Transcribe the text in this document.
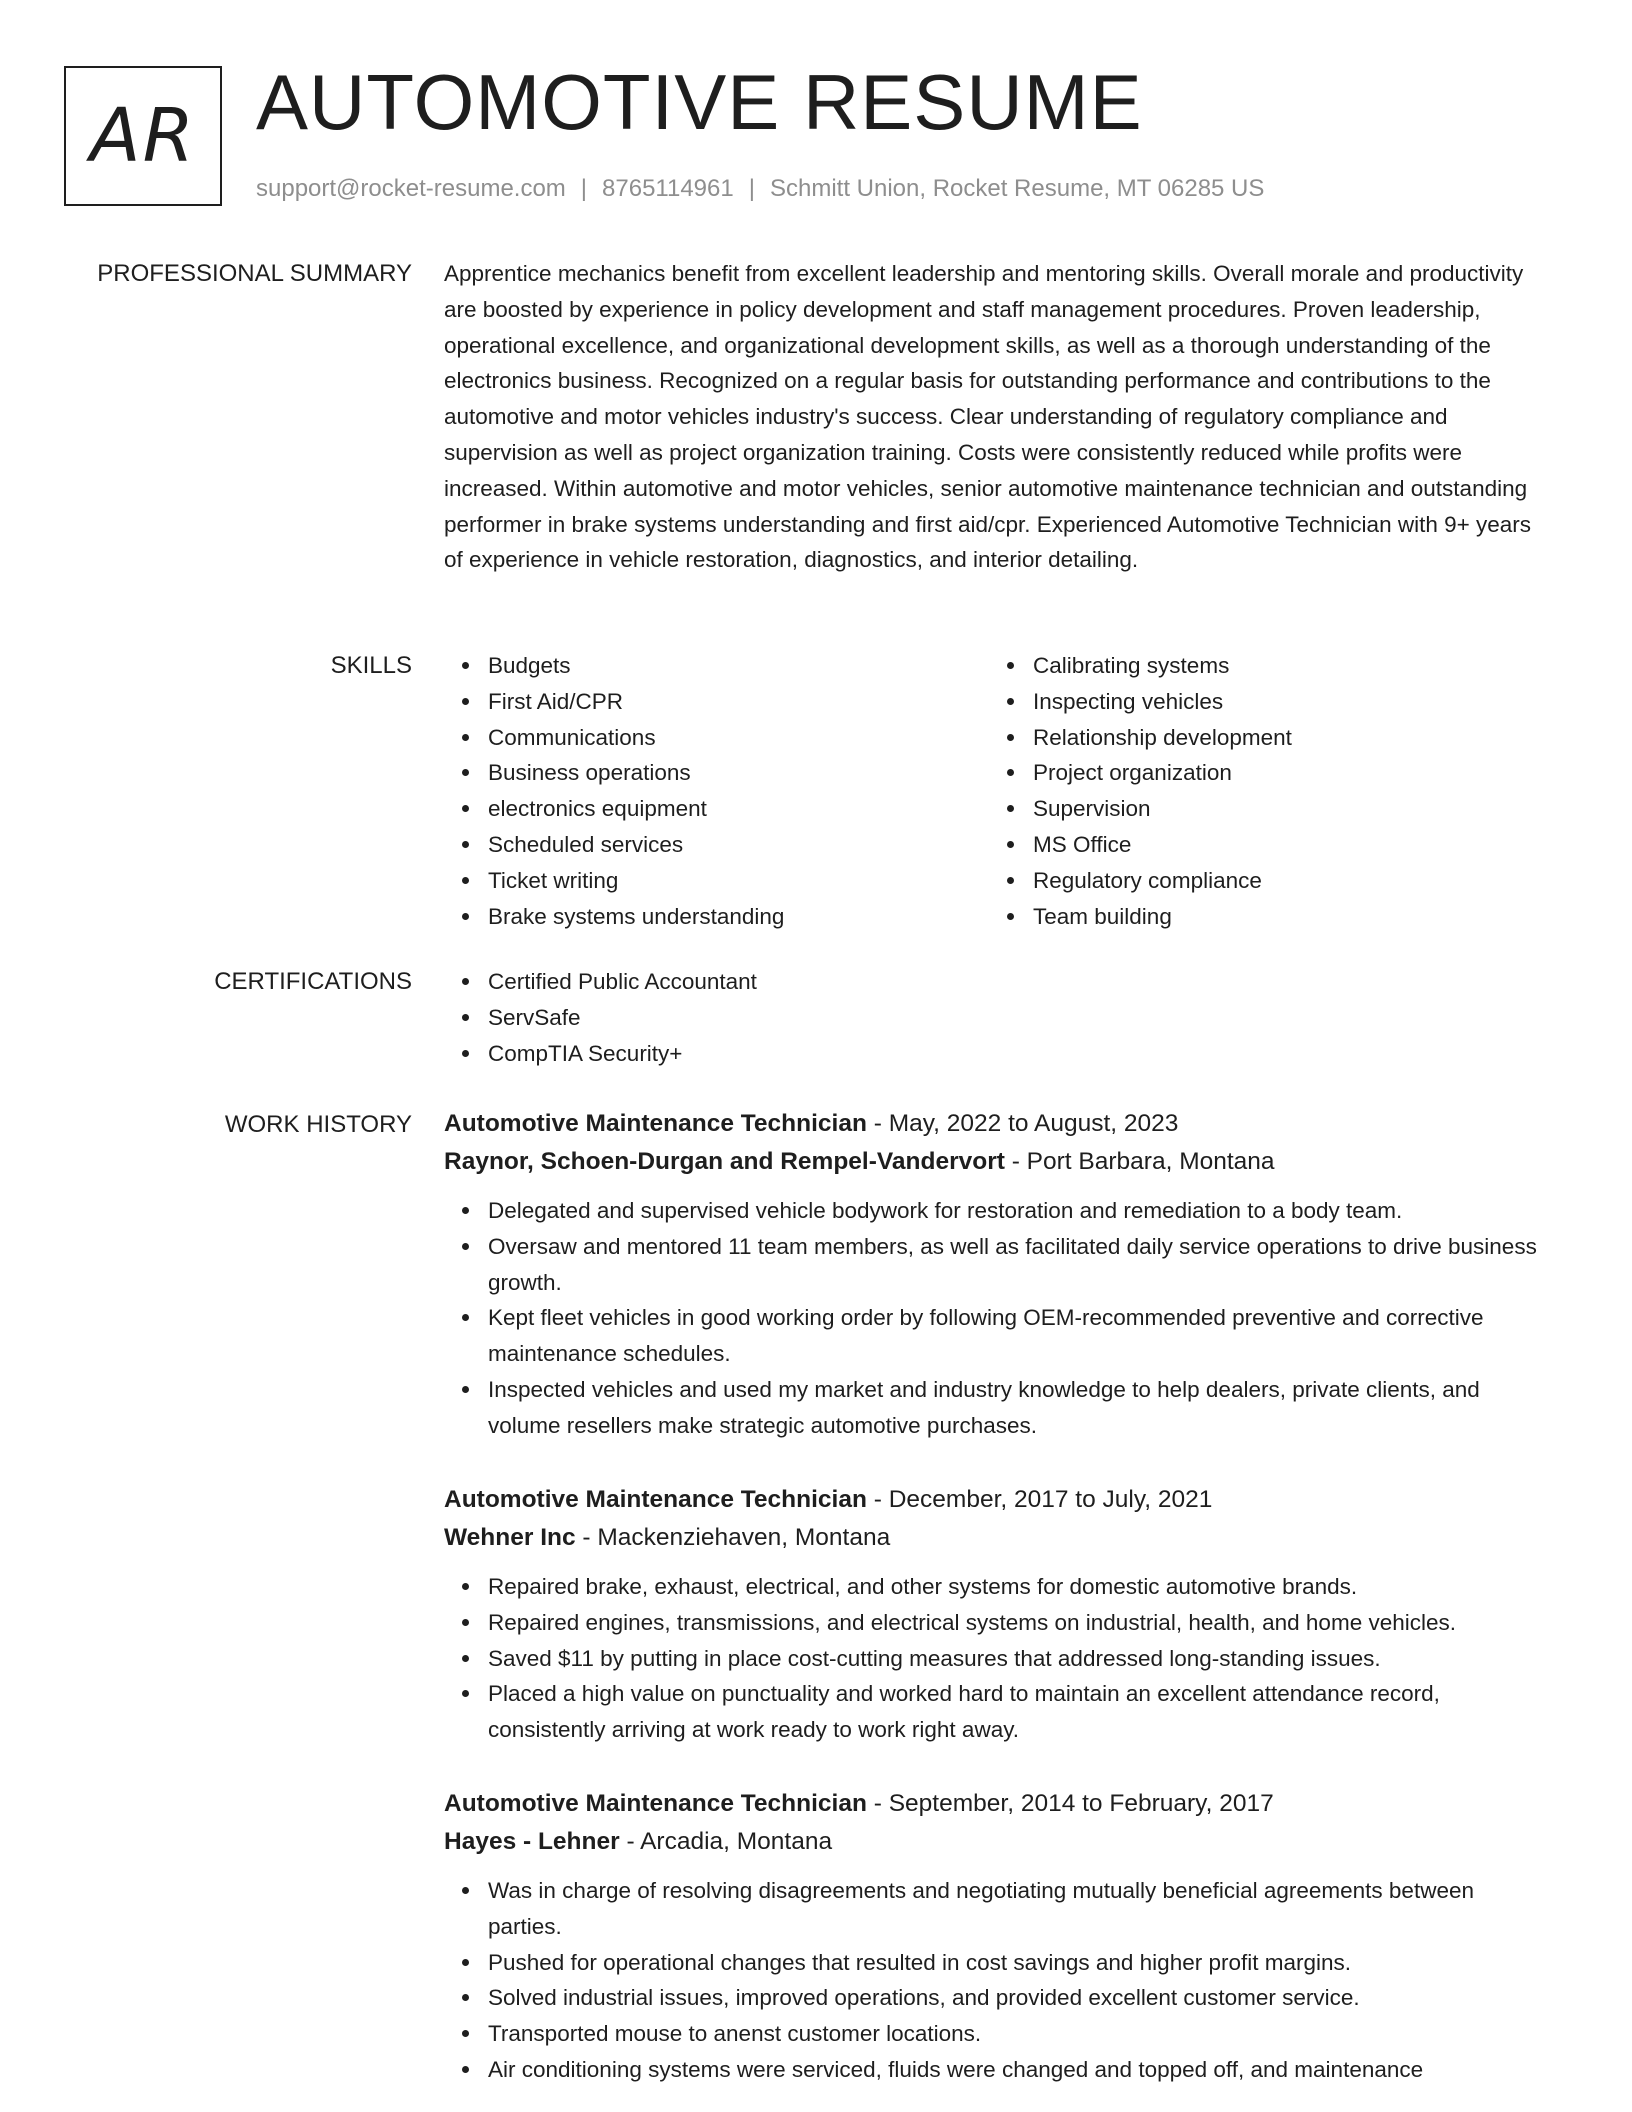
AR AUTOMOTIVE RESUME
support@rocket-resume.com | 8765114961 | Schmitt Union, Rocket Resume, MT 06285 US
PROFESSIONAL SUMMARY Apprentice mechanics benefit from excellent leadership and mentoring skills. Overall morale and productivity are boosted by experience in policy development and staff management procedures. Proven leadership, operational excellence, and organizational development skills, as well as a thorough understanding of the electronics business. Recognized on a regular basis for outstanding performance and contributions to the automotive and motor vehicles industry's success. Clear understanding of regulatory compliance and supervision as well as project organization training. Costs were consistently reduced while profits were increased. Within automotive and motor vehicles, senior automotive maintenance technician and outstanding performer in brake systems understanding and first aid/cpr. Experienced Automotive Technician with 9+ years of experience in vehicle restoration, diagnostics, and interior detailing.

SKILLS	Budgets
First Aid/CPR
Communications
Business operations
electronics equipment
Scheduled services
Ticket writing
Brake systems understanding
Calibrating systems
Inspecting vehicles
Relationship development
Project organization
Supervision
MS Office
Regulatory compliance
Team building
CERTIFICATIONS	Certified Public Accountant
ServSafe
CompTIA Security+
WORK HISTORY Automotive Maintenance Technician - May, 2022 to August, 2023
Raynor, Schoen-Durgan and Rempel-Vandervort - Port Barbara, Montana
Delegated and supervised vehicle bodywork for restoration and remediation to a body team.
Oversaw and mentored 11 team members, as well as facilitated daily service operations to drive business growth.
Kept fleet vehicles in good working order by following OEM-recommended preventive and corrective maintenance schedules.
Inspected vehicles and used my market and industry knowledge to help dealers, private clients, and volume resellers make strategic automotive purchases.
Automotive Maintenance Technician - December, 2017 to July, 2021
Wehner Inc - Mackenziehaven, Montana
Repaired brake, exhaust, electrical, and other systems for domestic automotive brands.
Repaired engines, transmissions, and electrical systems on industrial, health, and home vehicles.
Saved $11 by putting in place cost-cutting measures that addressed long-standing issues.
Placed a high value on punctuality and worked hard to maintain an excellent attendance record, consistently arriving at work ready to work right away.
Automotive Maintenance Technician - September, 2014 to February, 2017
Hayes - Lehner - Arcadia, Montana
Was in charge of resolving disagreements and negotiating mutually beneficial agreements between parties.
Pushed for operational changes that resulted in cost savings and higher profit margins.
Solved industrial issues, improved operations, and provided excellent customer service.
Transported mouse to anenst customer locations.
Air conditioning systems were serviced, fluids were changed and topped off, and maintenance
